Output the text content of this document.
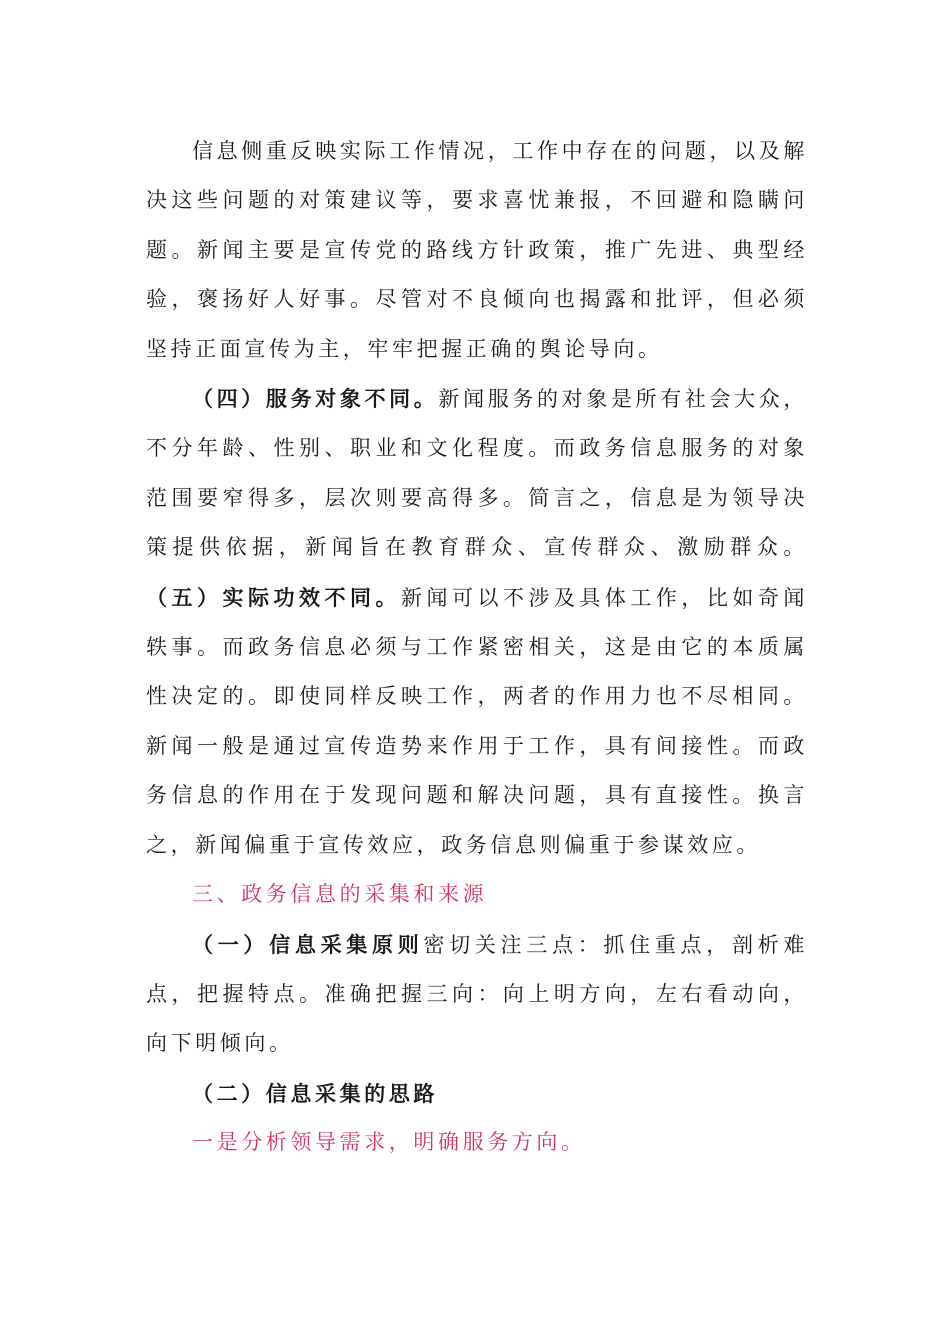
信息侧重反映实际工作情况，工作中存在的问题，以及解决这些问题的对策建议等，要求喜忧兼报，不回避和隐瞒问题。新闻主要是宣传党的路线方针政策，推广先进、典型经验，褒扬好人好事。尽管对不良倾向也揭露和批评，但必须坚持正面宣传为主，牢牢把握正确的舆论导向。

（四）服务对象不同。新闻服务的对象是所有社会大众，不分年龄、性别、职业和文化程度。而政务信息服务的对象范围要窄得多，层次则要高得多。简言之，信息是为领导决策提供依据，新闻旨在教育群众、宣传群众、激励群众。（五）实际功效不同。新闻可以不涉及具体工作，比如奇闻轶事。而政务信息必须与工作紧密相关，这是由它的本质属性决定的。即使同样反映工作，两者的作用力也不尽相同。新闻一般是通过宣传造势来作用于工作，具有间接性。而政务信息的作用在于发现问题和解决问题，具有直接性。换言之，新闻偏重于宣传效应，政务信息则偏重于参谋效应。

三、政务信息的采集和来源

（一）信息采集原则密切关注三点：抓住重点，剖析难点，把握特点。准确把握三向：向上明方向，左右看动向，向下明倾向。

（二）信息采集的思路

一是分析领导需求，明确服务方向。
